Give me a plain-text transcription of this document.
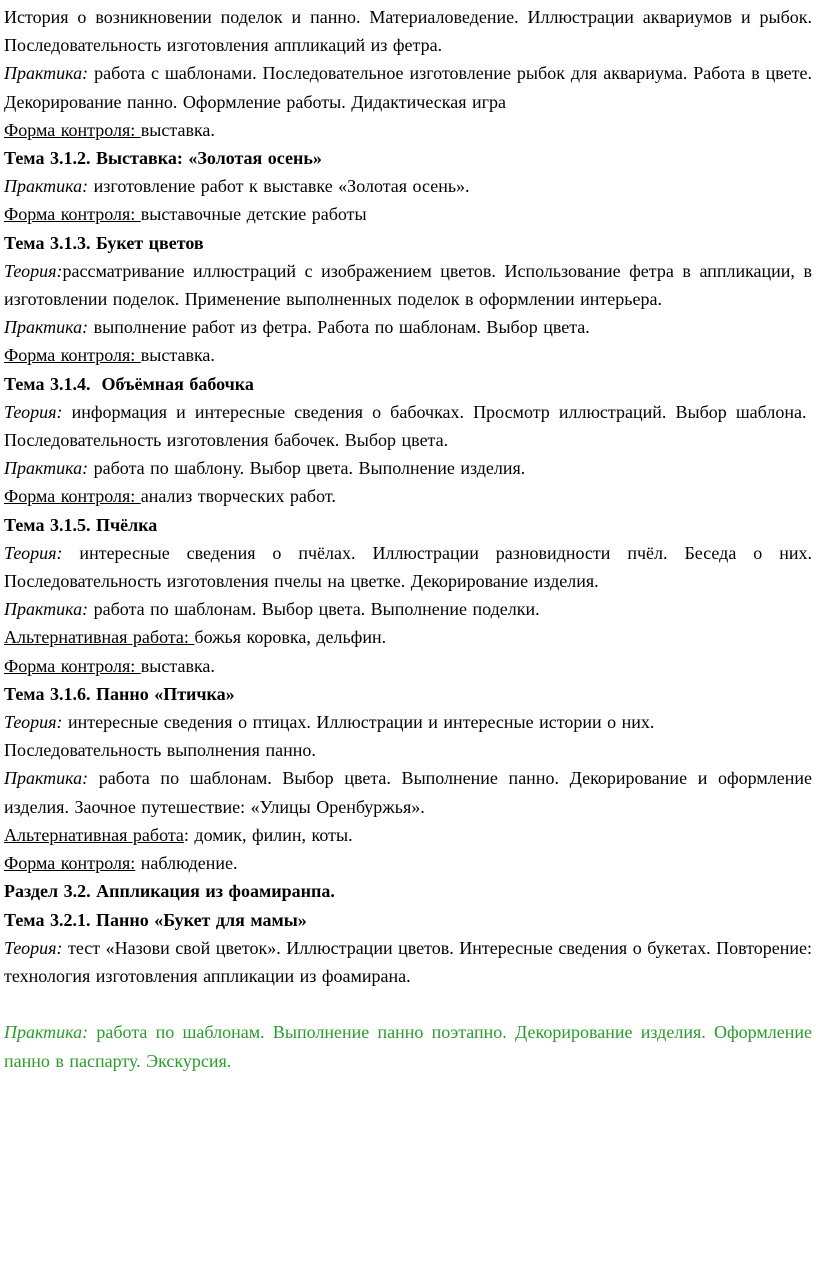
История о возникновении поделок и панно. Материаловедение. Иллюстрации аквариумов и рыбок. Последовательность изготовления аппликаций из фетра.

Практика: работа с шаблонами. Последовательное изготовление рыбок для аквариума. Работа в цвете. Декорирование панно. Оформление работы. Дидактическая игра

Форма контроля: выставка.

Тема 3.1.2. Выставка: «Золотая осень»

Практика: изготовление работ к выставке «Золотая осень».

Форма контроля: выставочные детские работы

Тема 3.1.3. Букет цветов

Теория:рассматривание иллюстраций с изображением цветов. Использование фетра в аппликации, в изготовлении поделок. Применение выполненных поделок в оформлении интерьера.

Практика: выполнение работ из фетра. Работа по шаблонам. Выбор цвета.

Форма контроля: выставка.

Тема 3.1.4.  Объёмная бабочка

Теория: информация и интересные сведения о бабочках. Просмотр иллюстраций. Выбор шаблона.  Последовательность изготовления бабочек. Выбор цвета.

Практика: работа по шаблону. Выбор цвета. Выполнение изделия.

Форма контроля: анализ творческих работ.

Тема 3.1.5. Пчёлка

Теория: интересные сведения о пчёлах. Иллюстрации разновидности пчёл. Беседа о них. Последовательность изготовления пчелы на цветке. Декорирование изделия.

Практика: работа по шаблонам. Выбор цвета. Выполнение поделки.

Альтернативная работа: божья коровка, дельфин.

Форма контроля: выставка.

Тема 3.1.6. Панно «Птичка»

Теория: интересные сведения о птицах. Иллюстрации и интересные истории о них.

Последовательность выполнения панно.

Практика: работа по шаблонам. Выбор цвета. Выполнение панно. Декорирование и оформление изделия. Заочное путешествие: «Улицы Оренбуржья».

Альтернативная работа: домик, филин, коты.

Форма контроля: наблюдение.

Раздел 3.2. Аппликация из фоамиранпа.

Тема 3.2.1. Панно «Букет для мамы»

Теория: тест «Назови свой цветок». Иллюстрации цветов. Интересные сведения о букетах. Повторение: технология изготовления аппликации из фоамирана.

Практика: работа по шаблонам. Выполнение панно поэтапно. Декорирование изделия. Оформление панно в паспарту. Экскурсия.
